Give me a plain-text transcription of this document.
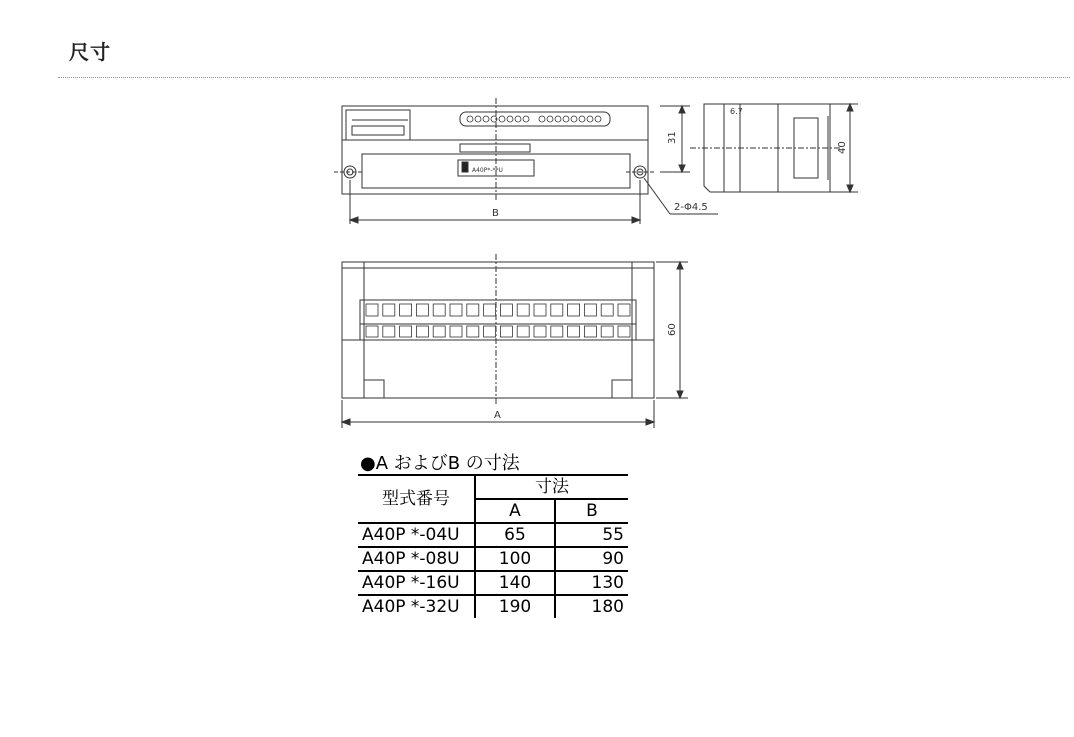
尺寸
31
B
2-Φ4.5
40
6.7
A40P*-**U
60
A
●A およびB の寸法
型式番号	寸法	
	A	B
A40P *-04U	65	55
A40P *-08U	100	90
A40P *-16U	140	130
A40P *-32U	190	180
